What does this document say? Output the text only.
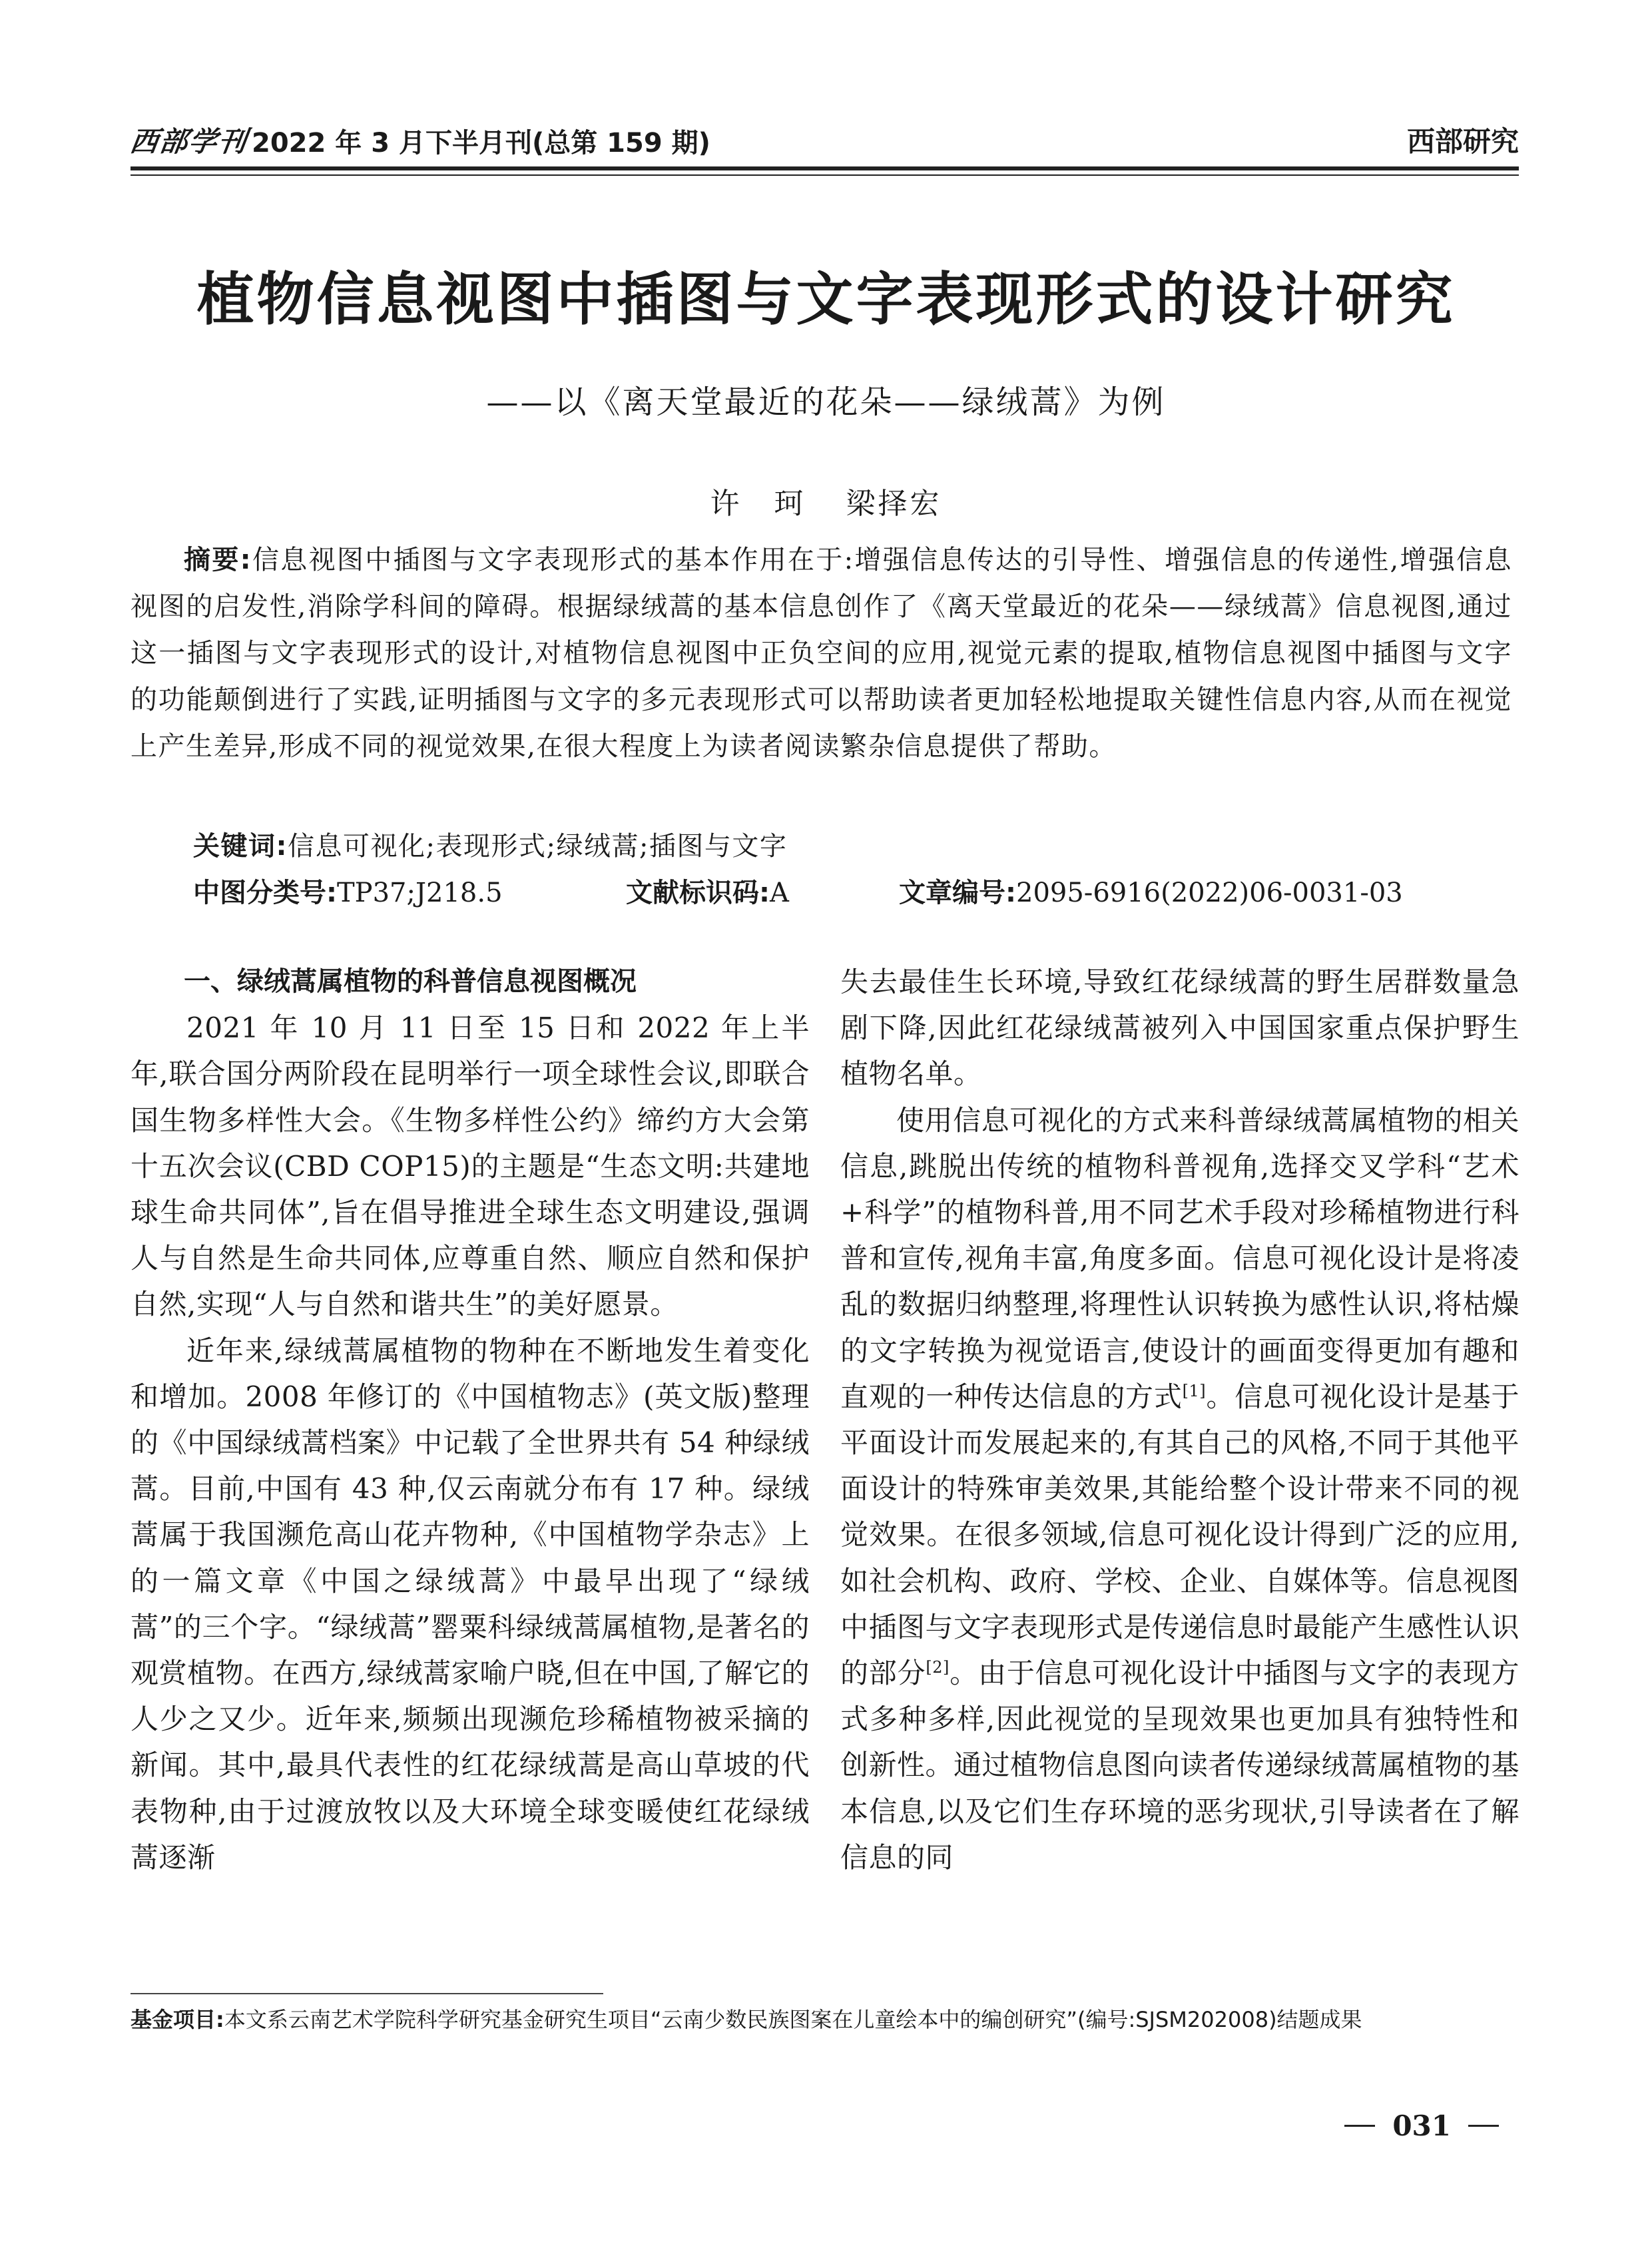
西部学刊 2022 年 3 月下半月刊(总第 159 期)	西部研究
植物信息视图中插图与文字表现形式的设计研究
——以《离天堂最近的花朵——绿绒蒿》为例
许　珂 梁择宏
摘要:信息视图中插图与文字表现形式的基本作用在于:增强信息传达的引导性、增强信息的传递性,增强信息视图的启发性,消除学科间的障碍。根据绿绒蒿的基本信息创作了《离天堂最近的花朵——绿绒蒿》信息视图,通过这一插图与文字表现形式的设计,对植物信息视图中正负空间的应用,视觉元素的提取,植物信息视图中插图与文字的功能颠倒进行了实践,证明插图与文字的多元表现形式可以帮助读者更加轻松地提取关键性信息内容,从而在视觉上产生差异,形成不同的视觉效果,在很大程度上为读者阅读繁杂信息提供了帮助。
关键词:信息可视化;表现形式;绿绒蒿;插图与文字
中图分类号:TP37;J218.5	文献标识码:A	文章编号:2095-6916(2022)06-0031-03
一、绿绒蒿属植物的科普信息视图概况

2021 年 10 月 11 日至 15 日和 2022 年上半年,联合国分两阶段在昆明举行一项全球性会议,即联合国生物多样性大会。《生物多样性公约》缔约方大会第十五次会议(CBD COP15)的主题是“生态文明:共建地球生命共同体”,旨在倡导推进全球生态文明建设,强调人与自然是生命共同体,应尊重自然、顺应自然和保护自然,实现“人与自然和谐共生”的美好愿景。

近年来,绿绒蒿属植物的物种在不断地发生着变化和增加。2008 年修订的《中国植物志》(英文版)整理的《中国绿绒蒿档案》中记载了全世界共有 54 种绿绒蒿。目前,中国有 43 种,仅云南就分布有 17 种。绿绒蒿属于我国濒危高山花卉物种,《中国植物学杂志》上的一篇文章《中国之绿绒蒿》中最早出现了“绿绒蒿”的三个字。“绿绒蒿”罂粟科绿绒蒿属植物,是著名的观赏植物。在西方,绿绒蒿家喻户晓,但在中国,了解它的人少之又少。近年来,频频出现濒危珍稀植物被采摘的新闻。其中,最具代表性的红花绿绒蒿是高山草坡的代表物种,由于过渡放牧以及大环境全球变暖使红花绿绒蒿逐渐

失去最佳生长环境,导致红花绿绒蒿的野生居群数量急剧下降,因此红花绿绒蒿被列入中国国家重点保护野生植物名单。

使用信息可视化的方式来科普绿绒蒿属植物的相关信息,跳脱出传统的植物科普视角,选择交叉学科“艺术+科学”的植物科普,用不同艺术手段对珍稀植物进行科普和宣传,视角丰富,角度多面。信息可视化设计是将凌乱的数据归纳整理,将理性认识转换为感性认识,将枯燥的文字转换为视觉语言,使设计的画面变得更加有趣和直观的一种传达信息的方式[1]。信息可视化设计是基于平面设计而发展起来的,有其自己的风格,不同于其他平面设计的特殊审美效果,其能给整个设计带来不同的视觉效果。在很多领域,信息可视化设计得到广泛的应用,如社会机构、政府、学校、企业、自媒体等。信息视图中插图与文字表现形式是传递信息时最能产生感性认识的部分[2]。由于信息可视化设计中插图与文字的表现方式多种多样,因此视觉的呈现效果也更加具有独特性和创新性。通过植物信息图向读者传递绿绒蒿属植物的基本信息,以及它们生存环境的恶劣现状,引导读者在了解信息的同

基金项目:本文系云南艺术学院科学研究基金研究生项目“云南少数民族图案在儿童绘本中的编创研究”(编号:SJSM202008)结题成果
031
